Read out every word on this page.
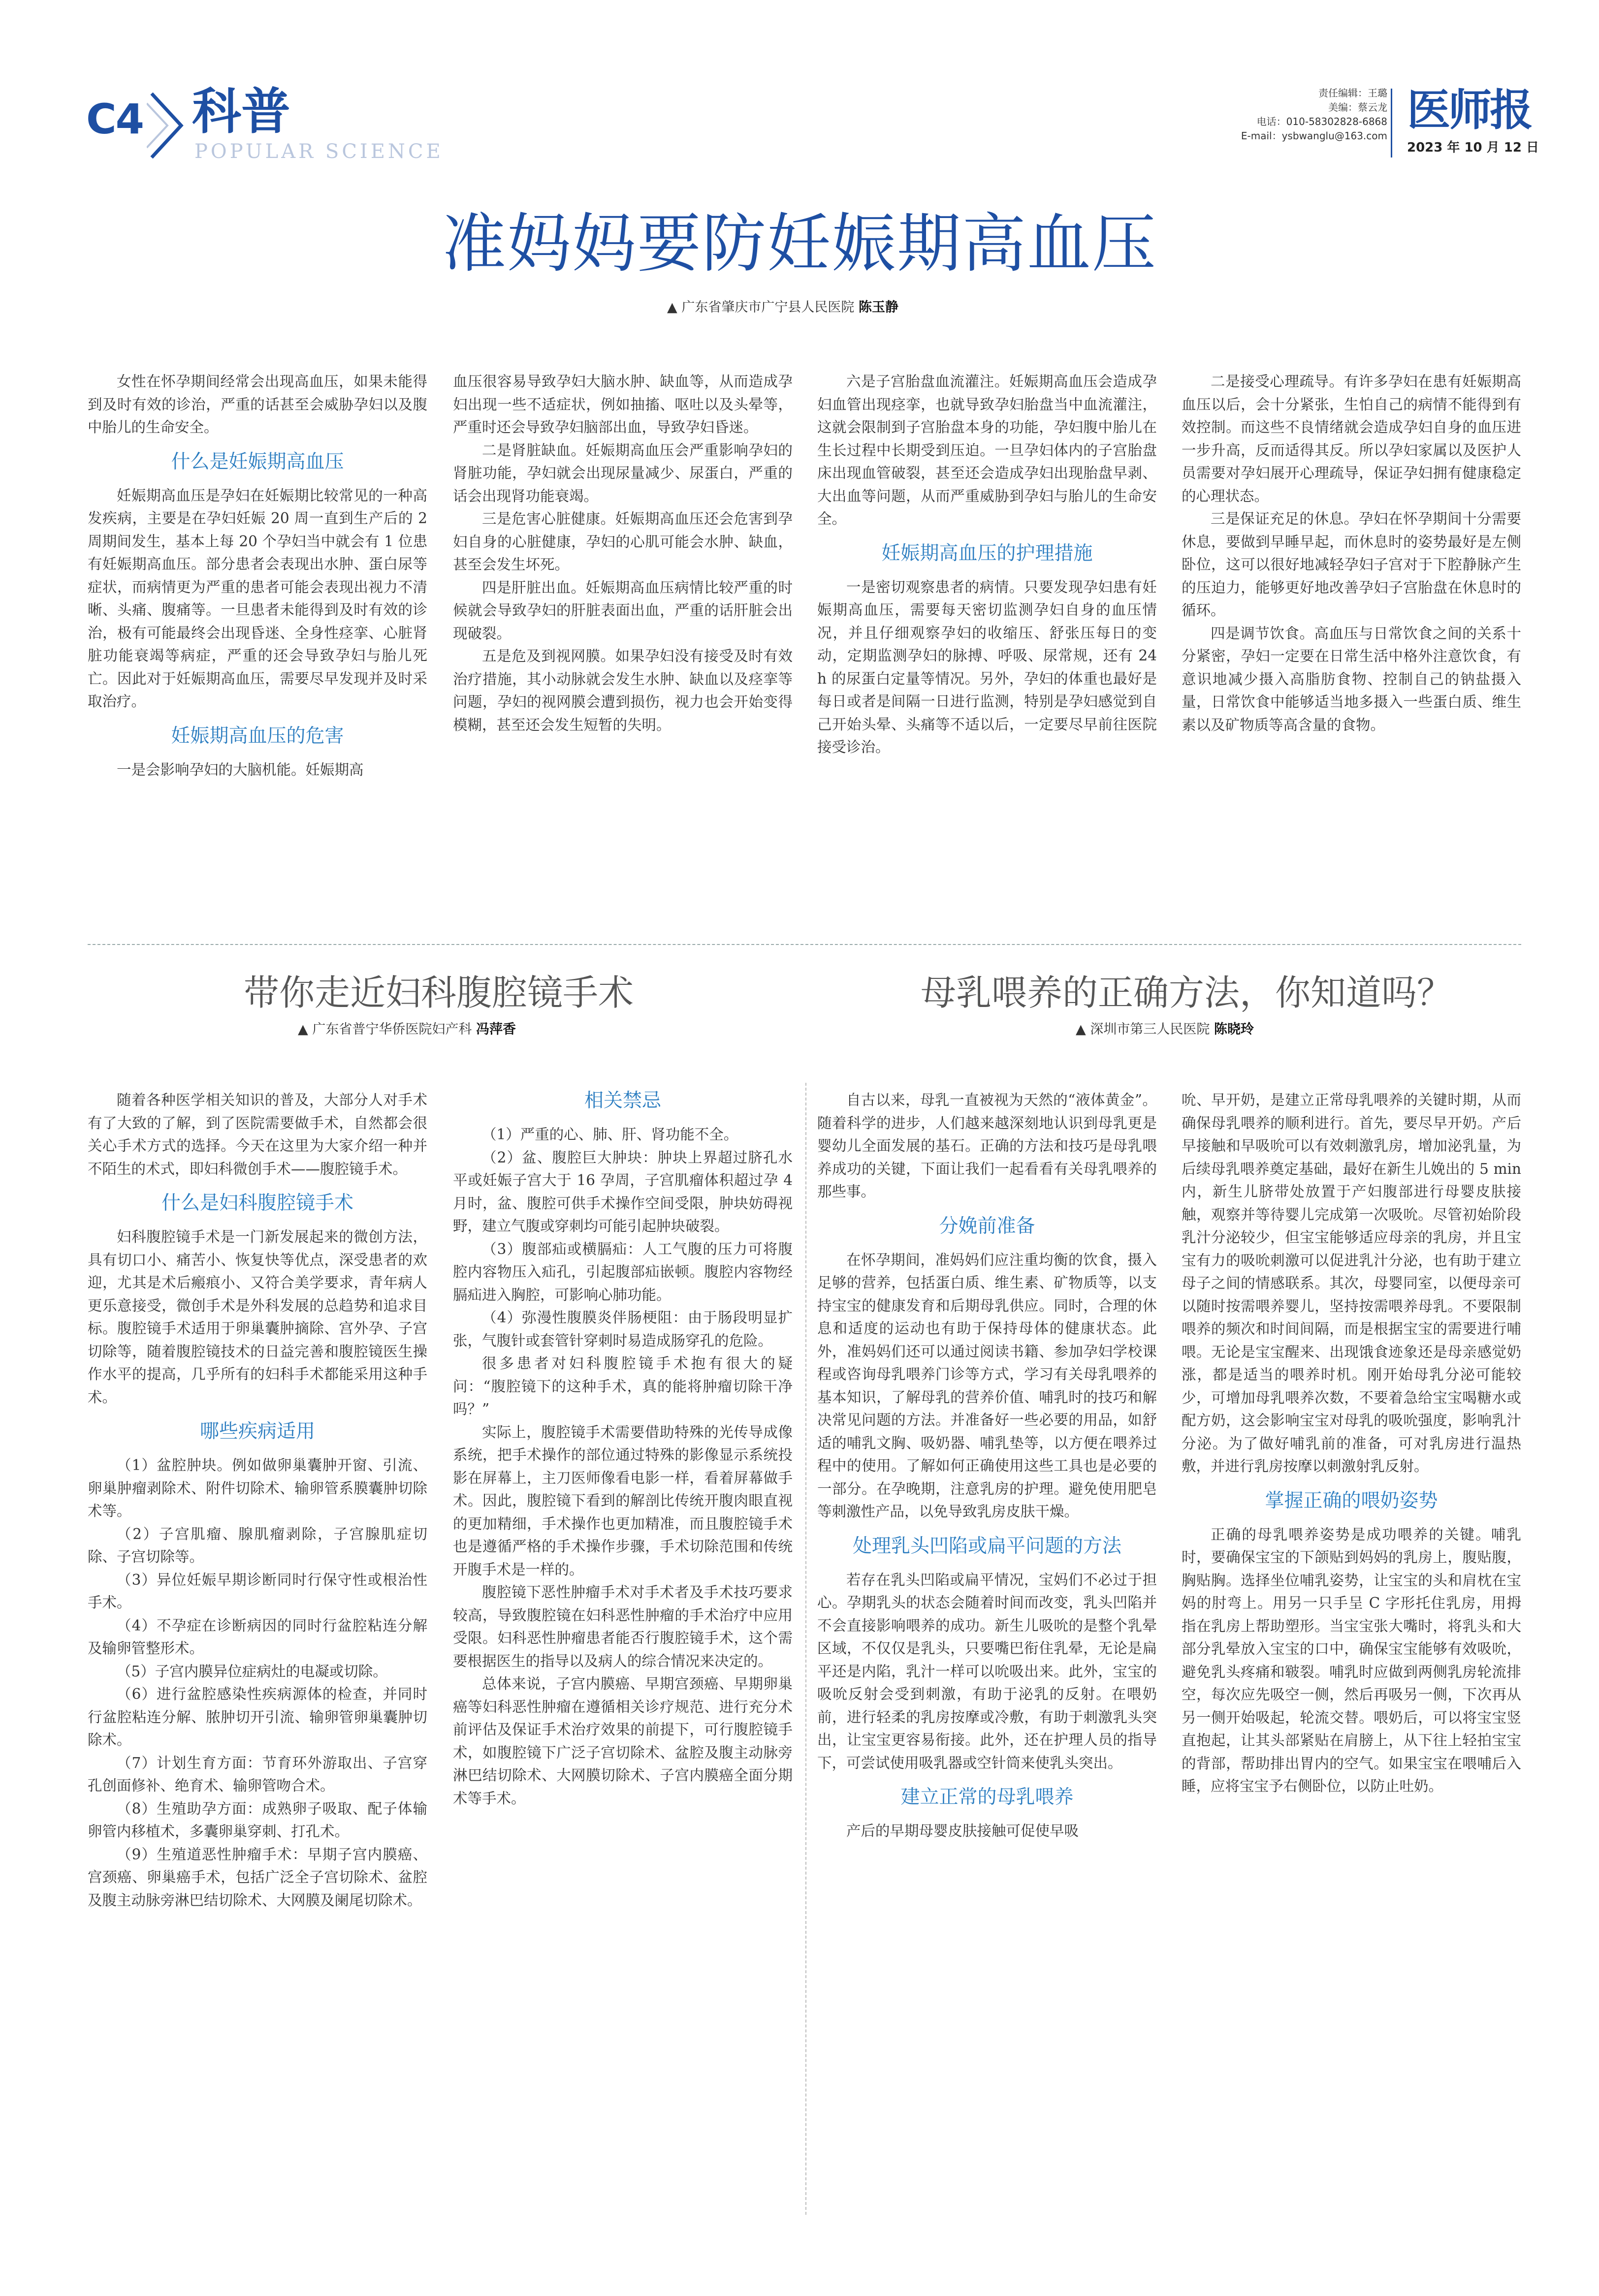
C4 科普
POPULAR SCIENCE
责任编辑：王璐
美编：蔡云龙
电话：010-58302828-6868
E-mail：ysbwanglu@163.com
医师报
2023 年 10 月 12 日
准妈妈要防妊娠期高血压
▲ 广东省肇庆市广宁县人民医院 陈玉静

女性在怀孕期间经常会出现高血压，如果未能得到及时有效的诊治，严重的话甚至会威胁孕妇以及腹中胎儿的生命安全。

什么是妊娠期高血压

妊娠期高血压是孕妇在妊娠期比较常见的一种高发疾病，主要是在孕妇妊娠 20 周一直到生产后的 2 周期间发生，基本上每 20 个孕妇当中就会有 1 位患有妊娠期高血压。部分患者会表现出水肿、蛋白尿等症状，而病情更为严重的患者可能会表现出视力不清晰、头痛、腹痛等。一旦患者未能得到及时有效的诊治，极有可能最终会出现昏迷、全身性痉挛、心脏肾脏功能衰竭等病症，严重的还会导致孕妇与胎儿死亡。因此对于妊娠期高血压，需要尽早发现并及时采取治疗。

妊娠期高血压的危害

一是会影响孕妇的大脑机能。妊娠期高

血压很容易导致孕妇大脑水肿、缺血等，从而造成孕妇出现一些不适症状，例如抽搐、呕吐以及头晕等，严重时还会导致孕妇脑部出血，导致孕妇昏迷。

二是肾脏缺血。妊娠期高血压会严重影响孕妇的肾脏功能，孕妇就会出现尿量减少、尿蛋白，严重的话会出现肾功能衰竭。

三是危害心脏健康。妊娠期高血压还会危害到孕妇自身的心脏健康，孕妇的心肌可能会水肿、缺血，甚至会发生坏死。

四是肝脏出血。妊娠期高血压病情比较严重的时候就会导致孕妇的肝脏表面出血，严重的话肝脏会出现破裂。

五是危及到视网膜。如果孕妇没有接受及时有效治疗措施，其小动脉就会发生水肿、缺血以及痉挛等问题，孕妇的视网膜会遭到损伤，视力也会开始变得模糊，甚至还会发生短暂的失明。

六是子宫胎盘血流灌注。妊娠期高血压会造成孕妇血管出现痉挛，也就导致孕妇胎盘当中血流灌注，这就会限制到子宫胎盘本身的功能，孕妇腹中胎儿在生长过程中长期受到压迫。一旦孕妇体内的子宫胎盘床出现血管破裂，甚至还会造成孕妇出现胎盘早剥、大出血等问题，从而严重威胁到孕妇与胎儿的生命安全。

妊娠期高血压的护理措施

一是密切观察患者的病情。只要发现孕妇患有妊娠期高血压，需要每天密切监测孕妇自身的血压情况，并且仔细观察孕妇的收缩压、舒张压每日的变动，定期监测孕妇的脉搏、呼吸、尿常规，还有 24 h 的尿蛋白定量等情况。另外，孕妇的体重也最好是每日或者是间隔一日进行监测，特别是孕妇感觉到自己开始头晕、头痛等不适以后，一定要尽早前往医院接受诊治。

二是接受心理疏导。有许多孕妇在患有妊娠期高血压以后，会十分紧张，生怕自己的病情不能得到有效控制。而这些不良情绪就会造成孕妇自身的血压进一步升高，反而适得其反。所以孕妇家属以及医护人员需要对孕妇展开心理疏导，保证孕妇拥有健康稳定的心理状态。

三是保证充足的休息。孕妇在怀孕期间十分需要休息，要做到早睡早起，而休息时的姿势最好是左侧卧位，这可以很好地减轻孕妇子宫对于下腔静脉产生的压迫力，能够更好地改善孕妇子宫胎盘在休息时的循环。

四是调节饮食。高血压与日常饮食之间的关系十分紧密，孕妇一定要在日常生活中格外注意饮食，有意识地减少摄入高脂肪食物、控制自己的钠盐摄入量，日常饮食中能够适当地多摄入一些蛋白质、维生素以及矿物质等高含量的食物。

带你走近妇科腹腔镜手术
▲ 广东省普宁华侨医院妇产科 冯萍香

随着各种医学相关知识的普及，大部分人对手术有了大致的了解，到了医院需要做手术，自然都会很关心手术方式的选择。今天在这里为大家介绍一种并不陌生的术式，即妇科微创手术——腹腔镜手术。

什么是妇科腹腔镜手术

妇科腹腔镜手术是一门新发展起来的微创方法，具有切口小、痛苦小、恢复快等优点，深受患者的欢迎，尤其是术后瘢痕小、又符合美学要求，青年病人更乐意接受，微创手术是外科发展的总趋势和追求目标。腹腔镜手术适用于卵巢囊肿摘除、宫外孕、子宫切除等，随着腹腔镜技术的日益完善和腹腔镜医生操作水平的提高，几乎所有的妇科手术都能采用这种手术。

哪些疾病适用

（1）盆腔肿块。例如做卵巢囊肿开窗、引流、卵巢肿瘤剥除术、附件切除术、输卵管系膜囊肿切除术等。

（2）子宫肌瘤、腺肌瘤剥除，子宫腺肌症切除、子宫切除等。

（3）异位妊娠早期诊断同时行保守性或根治性手术。

（4）不孕症在诊断病因的同时行盆腔粘连分解及输卵管整形术。

（5）子宫内膜异位症病灶的电凝或切除。

（6）进行盆腔感染性疾病源体的检查，并同时行盆腔粘连分解、脓肿切开引流、输卵管卵巢囊肿切除术。

（7）计划生育方面：节育环外游取出、子宫穿孔创面修补、绝育术、输卵管吻合术。

（8）生殖助孕方面：成熟卵子吸取、配子体输卵管内移植术，多囊卵巢穿刺、打孔术。

（9）生殖道恶性肿瘤手术：早期子宫内膜癌、宫颈癌、卵巢癌手术，包括广泛全子宫切除术、盆腔及腹主动脉旁淋巴结切除术、大网膜及阑尾切除术。

相关禁忌

（1）严重的心、肺、肝、肾功能不全。

（2）盆、腹腔巨大肿块：肿块上界超过脐孔水平或妊娠子宫大于 16 孕周，子宫肌瘤体积超过孕 4 月时，盆、腹腔可供手术操作空间受限，肿块妨碍视野，建立气腹或穿刺均可能引起肿块破裂。

（3）腹部疝或横膈疝：人工气腹的压力可将腹腔内容物压入疝孔，引起腹部疝嵌顿。腹腔内容物经膈疝进入胸腔，可影响心肺功能。

（4）弥漫性腹膜炎伴肠梗阻：由于肠段明显扩张，气腹针或套管针穿刺时易造成肠穿孔的危险。

很多患者对妇科腹腔镜手术抱有很大的疑问：“腹腔镜下的这种手术，真的能将肿瘤切除干净吗？”

实际上，腹腔镜手术需要借助特殊的光传导成像系统，把手术操作的部位通过特殊的影像显示系统投影在屏幕上，主刀医师像看电影一样，看着屏幕做手术。因此，腹腔镜下看到的解剖比传统开腹肉眼直视的更加精细，手术操作也更加精准，而且腹腔镜手术也是遵循严格的手术操作步骤，手术切除范围和传统开腹手术是一样的。

腹腔镜下恶性肿瘤手术对手术者及手术技巧要求较高，导致腹腔镜在妇科恶性肿瘤的手术治疗中应用受限。妇科恶性肿瘤患者能否行腹腔镜手术，这个需要根据医生的指导以及病人的综合情况来决定的。

总体来说，子宫内膜癌、早期宫颈癌、早期卵巢癌等妇科恶性肿瘤在遵循相关诊疗规范、进行充分术前评估及保证手术治疗效果的前提下，可行腹腔镜手术，如腹腔镜下广泛子宫切除术、盆腔及腹主动脉旁淋巴结切除术、大网膜切除术、子宫内膜癌全面分期术等手术。

母乳喂养的正确方法，你知道吗？
▲ 深圳市第三人民医院 陈晓玲

自古以来，母乳一直被视为天然的“液体黄金”。随着科学的进步，人们越来越深刻地认识到母乳更是婴幼儿全面发展的基石。正确的方法和技巧是母乳喂养成功的关键，下面让我们一起看看有关母乳喂养的那些事。

分娩前准备

在怀孕期间，准妈妈们应注重均衡的饮食，摄入足够的营养，包括蛋白质、维生素、矿物质等，以支持宝宝的健康发育和后期母乳供应。同时，合理的休息和适度的运动也有助于保持母体的健康状态。此外，准妈妈们还可以通过阅读书籍、参加孕妇学校课程或咨询母乳喂养门诊等方式，学习有关母乳喂养的基本知识，了解母乳的营养价值、哺乳时的技巧和解决常见问题的方法。并准备好一些必要的用品，如舒适的哺乳文胸、吸奶器、哺乳垫等，以方便在喂养过程中的使用。了解如何正确使用这些工具也是必要的一部分。在孕晚期，注意乳房的护理。避免使用肥皂等刺激性产品，以免导致乳房皮肤干燥。

处理乳头凹陷或扁平问题的方法

若存在乳头凹陷或扁平情况，宝妈们不必过于担心。孕期乳头的状态会随着时间而改变，乳头凹陷并不会直接影响喂养的成功。新生儿吸吮的是整个乳晕区域，不仅仅是乳头，只要嘴巴衔住乳晕，无论是扁平还是内陷，乳汁一样可以吮吸出来。此外，宝宝的吸吮反射会受到刺激，有助于泌乳的反射。在喂奶前，进行轻柔的乳房按摩或冷敷，有助于刺激乳头突出，让宝宝更容易衔接。此外，还在护理人员的指导下，可尝试使用吸乳器或空针筒来使乳头突出。

建立正常的母乳喂养

产后的早期母婴皮肤接触可促使早吸

吮、早开奶，是建立正常母乳喂养的关键时期，从而确保母乳喂养的顺利进行。首先，要尽早开奶。产后早接触和早吸吮可以有效刺激乳房，增加泌乳量，为后续母乳喂养奠定基础，最好在新生儿娩出的 5 min 内，新生儿脐带处放置于产妇腹部进行母婴皮肤接触，观察并等待婴儿完成第一次吸吮。尽管初始阶段乳汁分泌较少，但宝宝能够适应母亲的乳房，并且宝宝有力的吸吮刺激可以促进乳汁分泌，也有助于建立母子之间的情感联系。其次，母婴同室，以便母亲可以随时按需喂养婴儿，坚持按需喂养母乳。不要限制喂养的频次和时间间隔，而是根据宝宝的需要进行哺喂。无论是宝宝醒来、出现饿食迹象还是母亲感觉奶涨，都是适当的喂养时机。刚开始母乳分泌可能较少，可增加母乳喂养次数，不要着急给宝宝喝糖水或配方奶，这会影响宝宝对母乳的吸吮强度，影响乳汁分泌。为了做好哺乳前的准备，可对乳房进行温热敷，并进行乳房按摩以刺激射乳反射。

掌握正确的喂奶姿势

正确的母乳喂养姿势是成功喂养的关键。哺乳时，要确保宝宝的下颌贴到妈妈的乳房上，腹贴腹，胸贴胸。选择坐位哺乳姿势，让宝宝的头和肩枕在宝妈的肘弯上。用另一只手呈 C 字形托住乳房，用拇指在乳房上帮助塑形。当宝宝张大嘴时，将乳头和大部分乳晕放入宝宝的口中，确保宝宝能够有效吸吮，避免乳头疼痛和皲裂。哺乳时应做到两侧乳房轮流排空，每次应先吸空一侧，然后再吸另一侧，下次再从另一侧开始吸起，轮流交替。喂奶后，可以将宝宝竖直抱起，让其头部紧贴在肩膀上，从下往上轻拍宝宝的背部，帮助排出胃内的空气。如果宝宝在喂哺后入睡，应将宝宝予右侧卧位，以防止吐奶。
